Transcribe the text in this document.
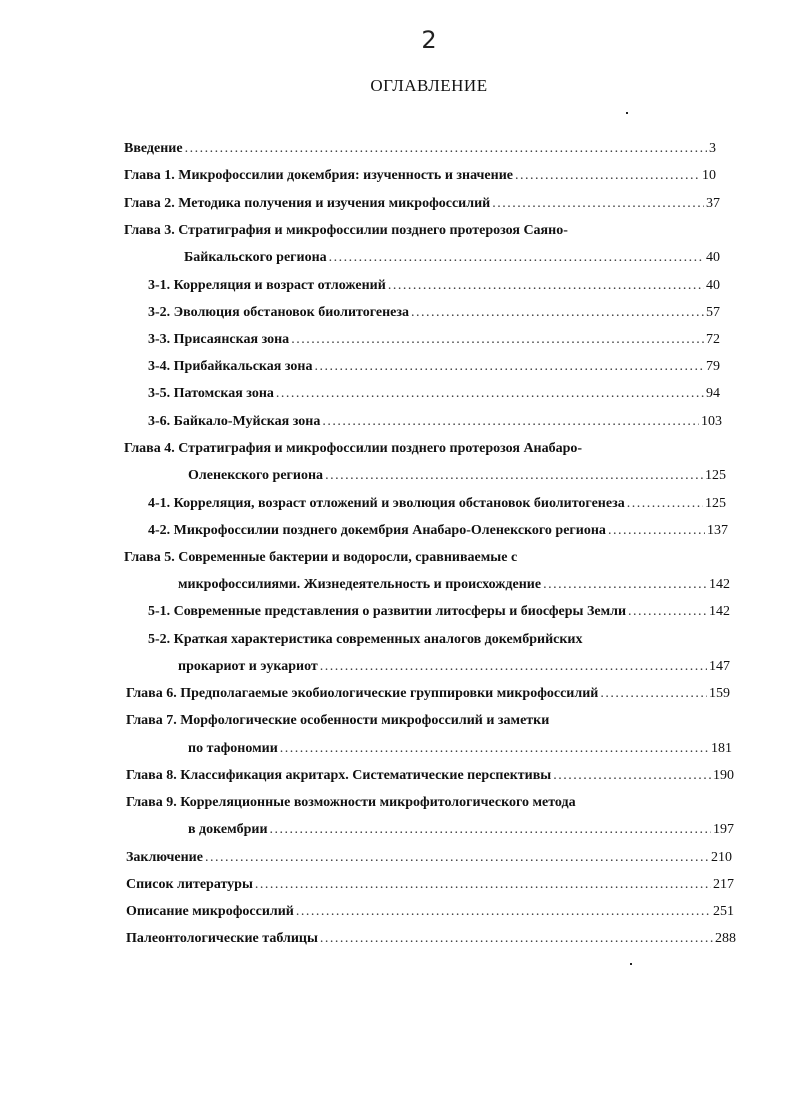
2
ОГЛАВЛЕНИЕ
Введение .....	3
Глава 1. Микрофоссилии докембрия: изученность и значение .....	10
Глава 2. Методика получения и изучения микрофоссилий .....	37
Глава 3. Стратиграфия и микрофоссилии позднего протерозоя Саяно-
Байкальского региона .....	40
3-1. Корреляция и возраст отложений .....	40
3-2. Эволюция обстановок биолитогенеза .....	57
3-3. Присаянская зона .....	72
3-4. Прибайкальская зона .....	79
3-5. Патомская зона .....	94
3-6. Байкало-Муйская зона .....	103
Глава 4. Стратиграфия и микрофоссилии позднего протерозоя Анабаро-
Оленекского региона .....	125
4-1. Корреляция, возраст отложений и эволюция обстановок биолитогенеза .....	125
4-2. Микрофоссилии позднего докембрия Анабаро-Оленекского региона .....	137
Глава 5. Современные бактерии и водоросли, сравниваемые с
микрофоссилиями. Жизнедеятельность и происхождение .....	142
5-1. Современные представления о развитии литосферы и биосферы Земли .....	142
5-2. Краткая характеристика современных аналогов докембрийских
прокариот и эукариот .....	147
Глава 6. Предполагаемые экобиологические группировки микрофоссилий .....	159
Глава 7. Морфологические особенности микрофоссилий и заметки
по тафономии .....	181
Глава 8. Классификация акритарх. Систематические перспективы .....	190
Глава 9. Корреляционные возможности микрофитологического метода
в докембрии .....	197
Заключение .....	210
Список литературы .....	217
Описание микрофоссилий .....	251
Палеонтологические таблицы .....	288
